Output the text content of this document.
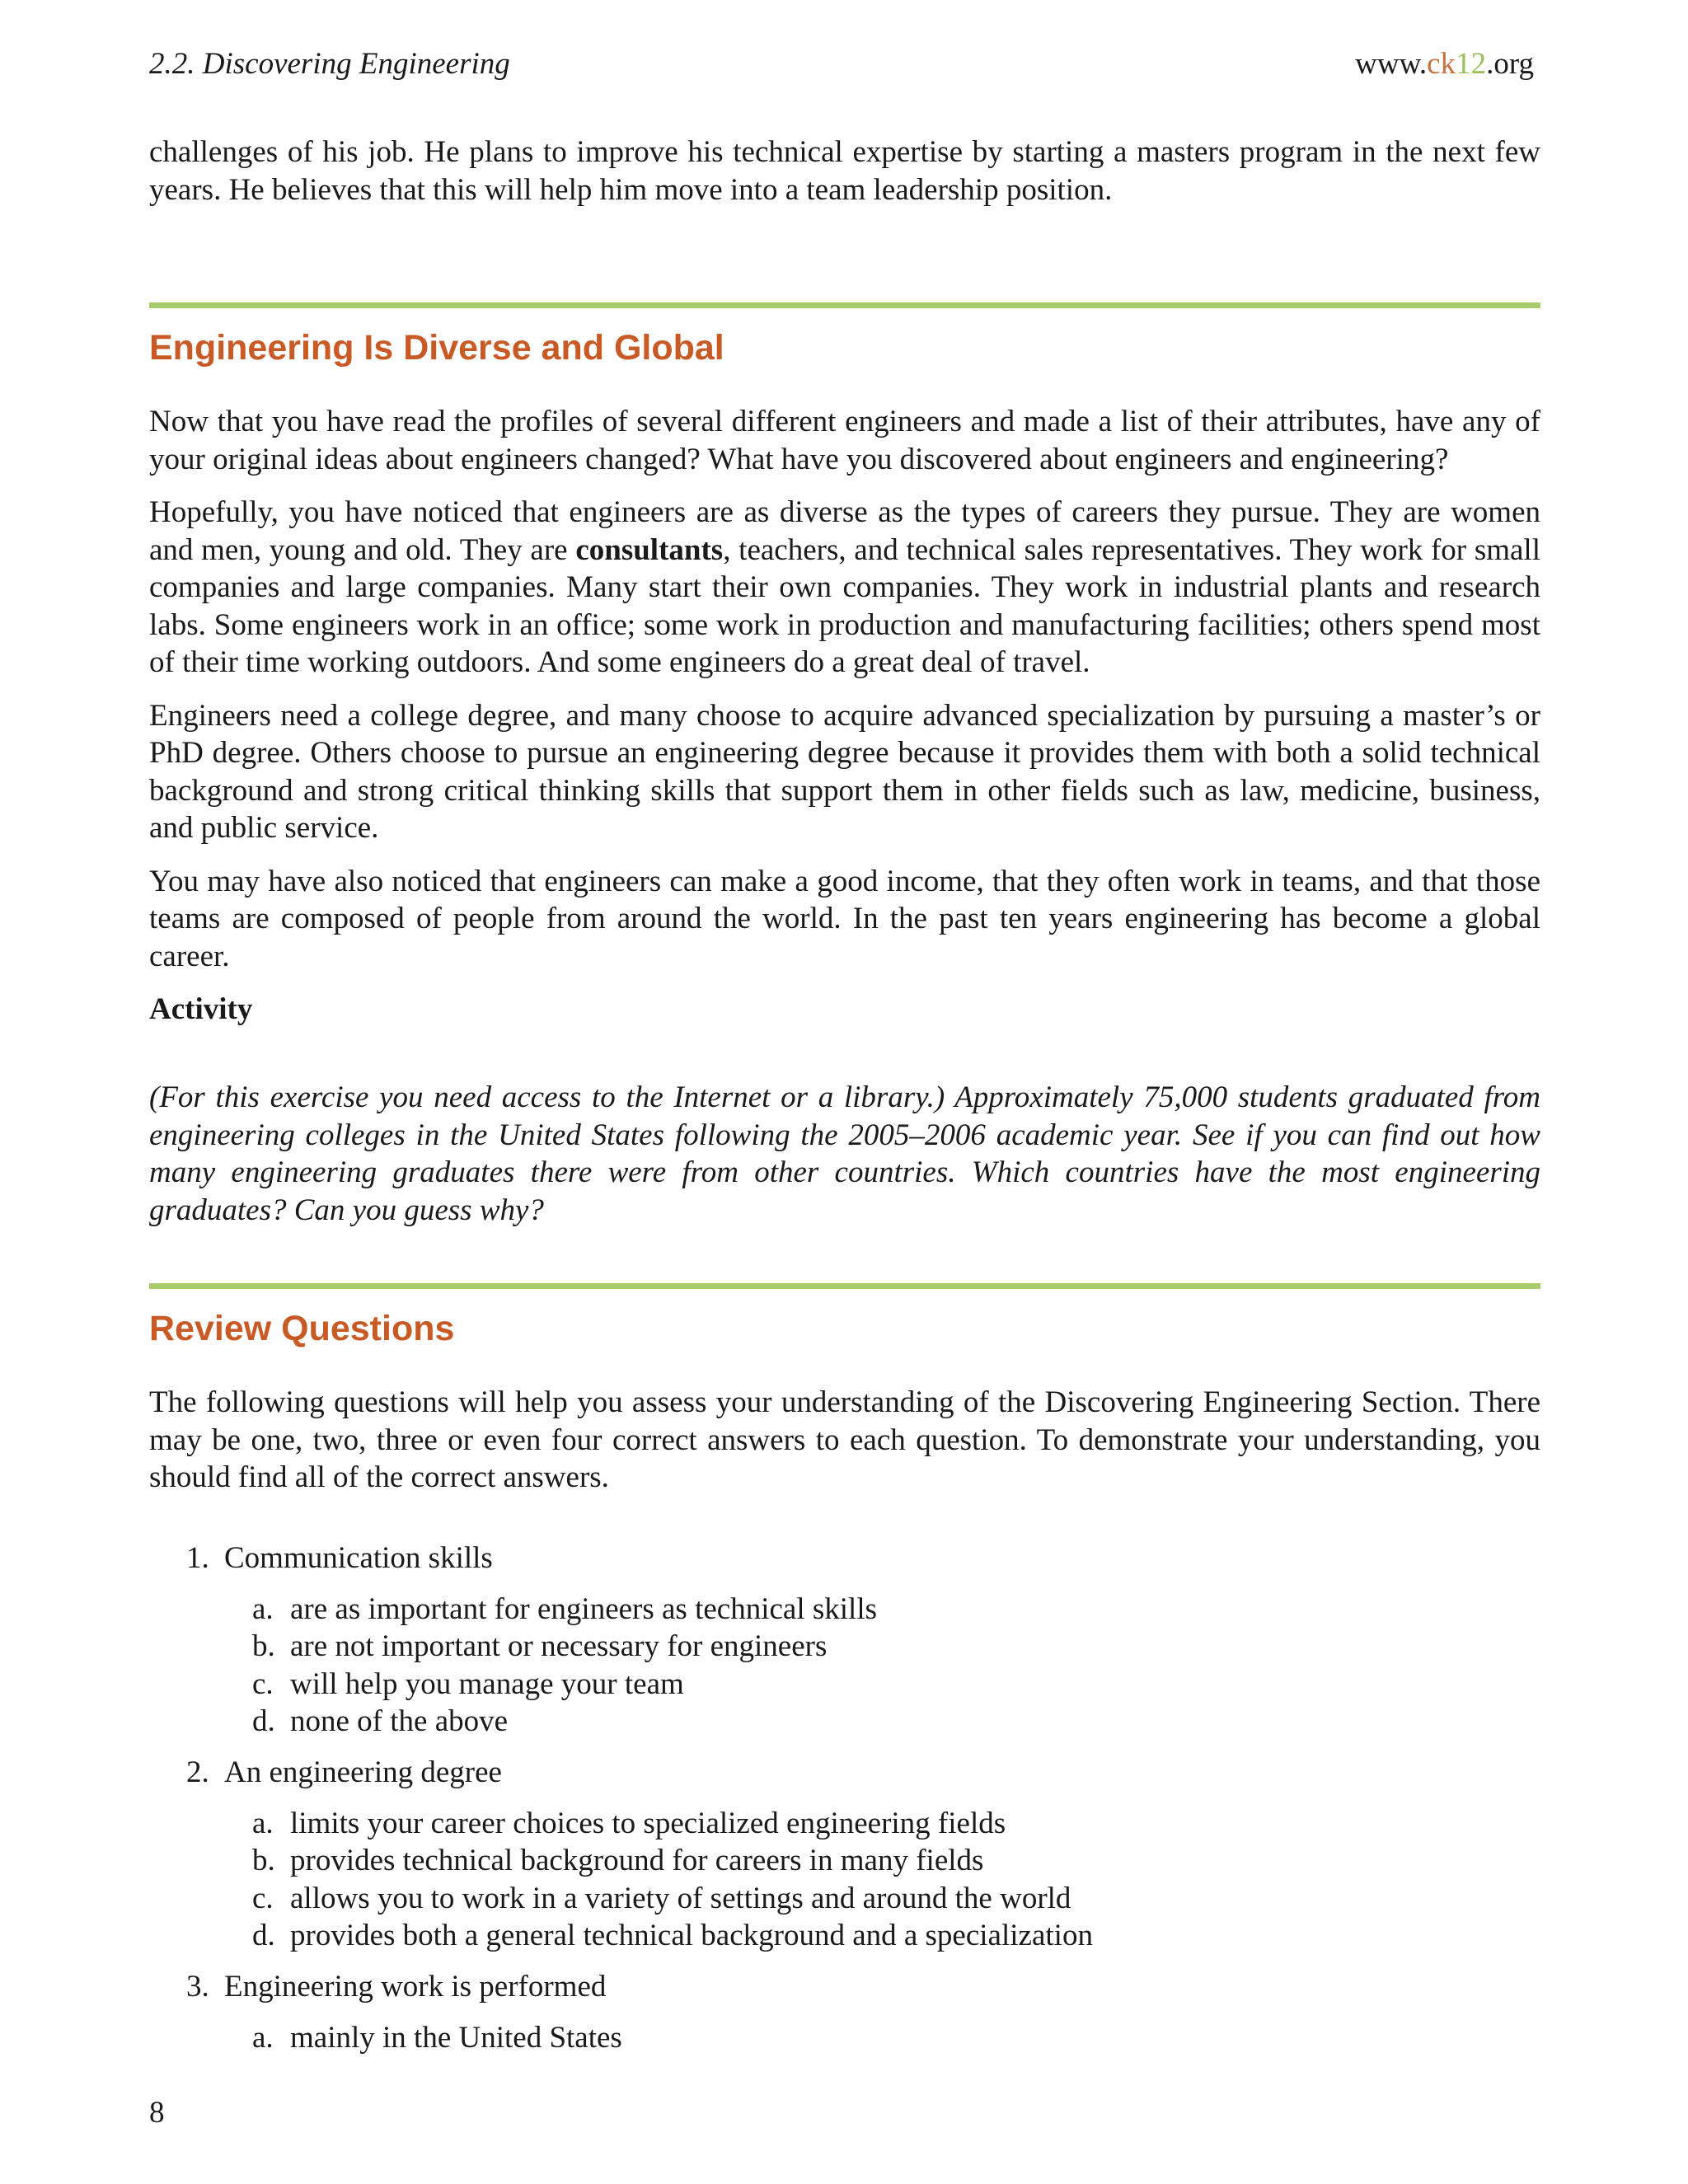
2.2. Discovering Engineering	www.ck12.org

challenges of his job. He plans to improve his technical expertise by starting a masters program in the next few years. He believes that this will help him move into a team leadership position.

Engineering Is Diverse and Global

Now that you have read the profiles of several different engineers and made a list of their attributes, have any of your original ideas about engineers changed? What have you discovered about engineers and engineering?

Hopefully, you have noticed that engineers are as diverse as the types of careers they pursue. They are women and men, young and old. They are consultants, teachers, and technical sales representatives. They work for small companies and large companies. Many start their own companies. They work in industrial plants and research labs. Some engineers work in an office; some work in production and manufacturing facilities; others spend most of their time working outdoors. And some engineers do a great deal of travel.

Engineers need a college degree, and many choose to acquire advanced specialization by pursuing a master’s or PhD degree. Others choose to pursue an engineering degree because it provides them with both a solid technical background and strong critical thinking skills that support them in other fields such as law, medicine, business, and public service.

You may have also noticed that engineers can make a good income, that they often work in teams, and that those teams are composed of people from around the world. In the past ten years engineering has become a global career.

Activity

(For this exercise you need access to the Internet or a library.) Approximately 75,000 students graduated from engineering colleges in the United States following the 2005–2006 academic year. See if you can find out how many engineering graduates there were from other countries. Which countries have the most engineering graduates? Can you guess why?

Review Questions

The following questions will help you assess your understanding of the Discovering Engineering Section. There may be one, two, three or even four correct answers to each question. To demonstrate your understanding, you should find all of the correct answers.

1. Communication skills
a. are as important for engineers as technical skills
b. are not important or necessary for engineers
c. will help you manage your team
d. none of the above
2. An engineering degree
a. limits your career choices to specialized engineering fields
b. provides technical background for careers in many fields
c. allows you to work in a variety of settings and around the world
d. provides both a general technical background and a specialization
3. Engineering work is performed
a. mainly in the United States
8
